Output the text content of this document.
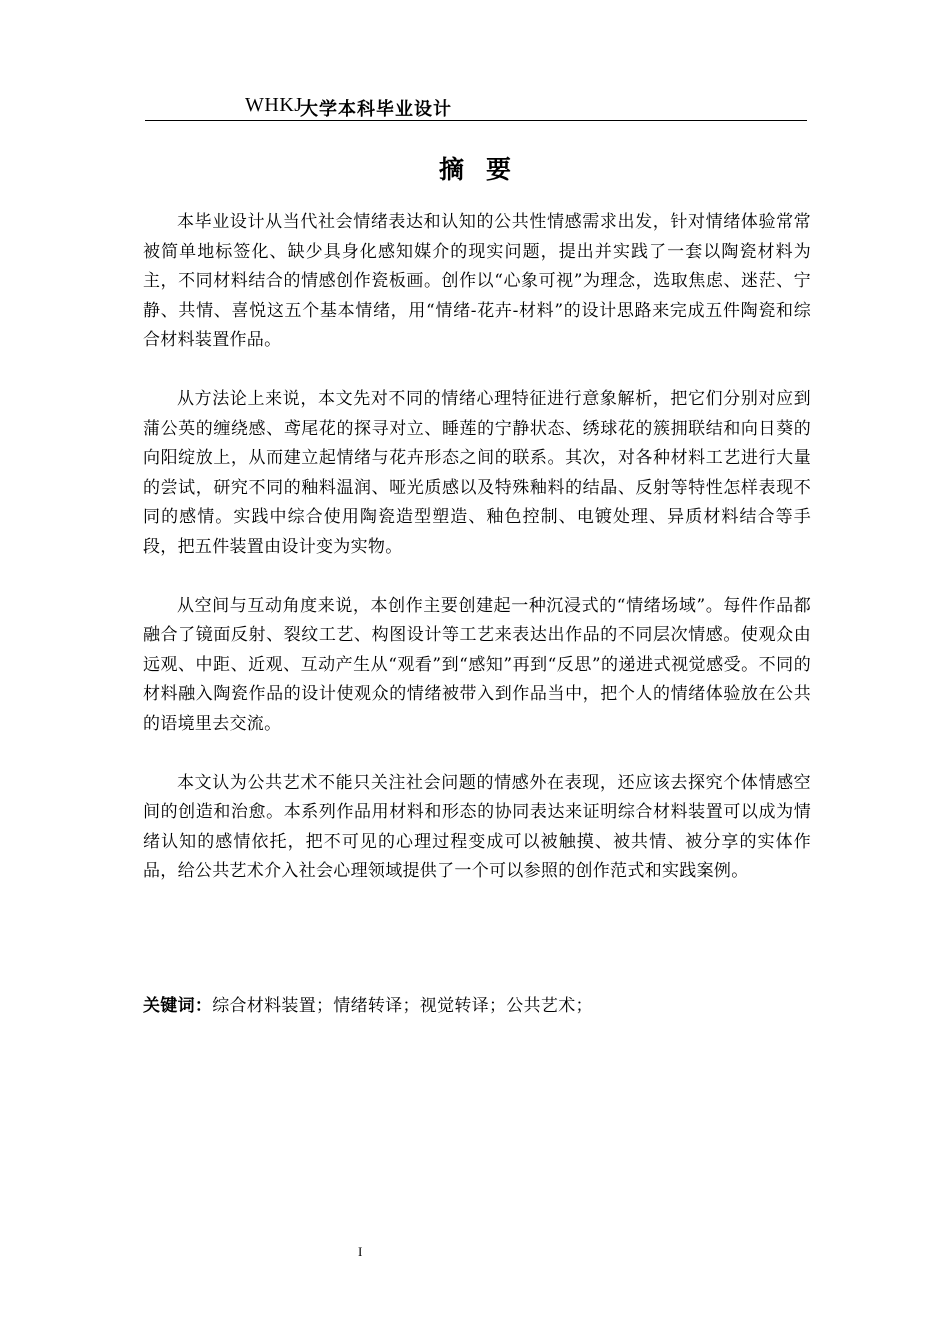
WHKJ
大学本科毕业设计
摘要

本毕业设计从当代社会情绪表达和认知的公共性情感需求出发，针对情绪体验常常被简单地标签化、缺少具身化感知媒介的现实问题，提出并实践了一套以陶瓷材料为主，不同材料结合的情感创作瓷板画。创作以“心象可视”为理念，选取焦虑、迷茫、宁静、共情、喜悦这五个基本情绪，用“情绪-花卉-材料”的设计思路来完成五件陶瓷和综合材料装置作品。

从方法论上来说，本文先对不同的情绪心理特征进行意象解析，把它们分别对应到蒲公英的缠绕感、鸢尾花的探寻对立、睡莲的宁静状态、绣球花的簇拥联结和向日葵的向阳绽放上，从而建立起情绪与花卉形态之间的联系。其次，对各种材料工艺进行大量的尝试，研究不同的釉料温润、哑光质感以及特殊釉料的结晶、反射等特性怎样表现不同的感情。实践中综合使用陶瓷造型塑造、釉色控制、电镀处理、异质材料结合等手段，把五件装置由设计变为实物。

从空间与互动角度来说，本创作主要创建起一种沉浸式的“情绪场域”。每件作品都融合了镜面反射、裂纹工艺、构图设计等工艺来表达出作品的不同层次情感。使观众由远观、中距、近观、互动产生从“观看”到“感知”再到“反思”的递进式视觉感受。不同的材料融入陶瓷作品的设计使观众的情绪被带入到作品当中，把个人的情绪体验放在公共的语境里去交流。

本文认为公共艺术不能只关注社会问题的情感外在表现，还应该去探究个体情感空间的创造和治愈。本系列作品用材料和形态的协同表达来证明综合材料装置可以成为情绪认知的感情依托，把不可见的心理过程变成可以被触摸、被共情、被分享的实体作品，给公共艺术介入社会心理领域提供了一个可以参照的创作范式和实践案例。

关键词：综合材料装置；情绪转译；视觉转译；公共艺术；
I
